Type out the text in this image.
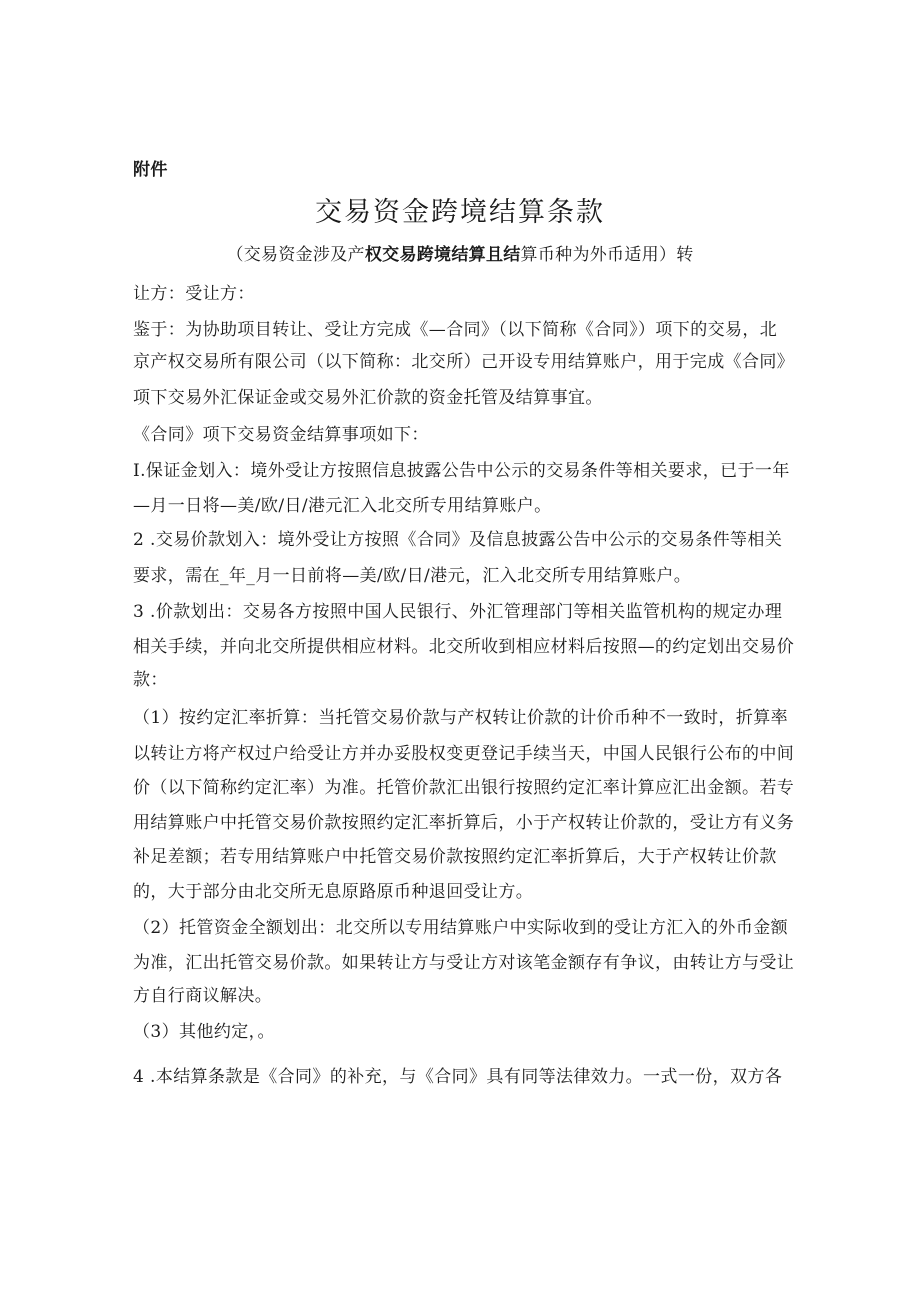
附件
交易资金跨境结算条款
（交易资金涉及产权交易跨境结算且结算币种为外币适用）转
让方：受让方：
鉴于：为协助项目转让、受让方完成《—合同》（以下简称《合同》）项下的交易，北
京产权交易所有限公司（以下简称：北交所）己开设专用结算账户，用于完成《合同》
项下交易外汇保证金或交易外汇价款的资金托管及结算事宜。
《合同》项下交易资金结算事项如下：
I.保证金划入：境外受让方按照信息披露公告中公示的交易条件等相关要求，已于一年
—月一日将—美/欧/日/港元汇入北交所专用结算账户。
2 .交易价款划入：境外受让方按照《合同》及信息披露公告中公示的交易条件等相关
要求，需在_年_月一日前将—美/欧/日/港元，汇入北交所专用结算账户。
3 .价款划出：交易各方按照中国人民银行、外汇管理部门等相关监管机构的规定办理
相关手续，并向北交所提供相应材料。北交所收到相应材料后按照—的约定划出交易价
款：
（1）按约定汇率折算：当托管交易价款与产权转让价款的计价币种不一致时，折算率
以转让方将产权过户给受让方并办妥股权变更登记手续当天，中国人民银行公布的中间
价（以下简称约定汇率）为准。托管价款汇出银行按照约定汇率计算应汇出金额。若专
用结算账户中托管交易价款按照约定汇率折算后，小于产权转让价款的，受让方有义务
补足差额；若专用结算账户中托管交易价款按照约定汇率折算后，大于产权转让价款
的，大于部分由北交所无息原路原币种退回受让方。
（2）托管资金全额划出：北交所以专用结算账户中实际收到的受让方汇入的外币金额
为准，汇出托管交易价款。如果转让方与受让方对该笔金额存有争议，由转让方与受让
方自行商议解决。
（3）其他约定，。
4 .本结算条款是《合同》的补充，与《合同》具有同等法律效力。一式一份，双方各
